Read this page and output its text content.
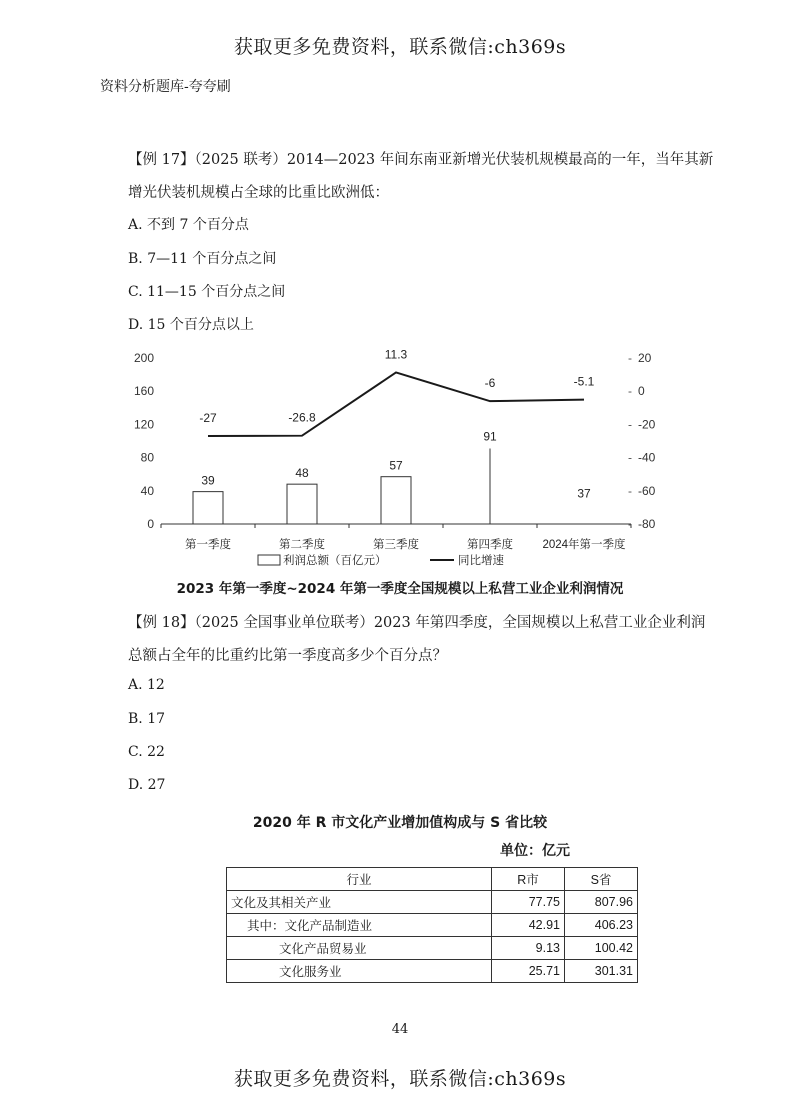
获取更多免费资料，联系微信:ch369s
资料分析题库-夸夸刷
【例 17】（2025 联考）2014—2023 年间东南亚新增光伏装机规模最高的一年，当年其新
增光伏装机规模占全球的比重比欧洲低：
A. 不到 7 个百分点
B. 7—11 个百分点之间
C. 11—15 个百分点之间
D. 15 个百分点以上
0
40
80
120
160
200
- -80
- -60
- -40
- -20
- 0
- 20
39
48
57
91
37
-27	-26.8
11.3
-6	-5.1
第一季度	第二季度	第三季度	第四季度	2024年第一季度
利润总额（百亿元）	同比增速
2023 年第一季度~2024 年第一季度全国规模以上私营工业企业利润情况
【例 18】（2025 全国事业单位联考）2023 年第四季度，全国规模以上私营工业企业利润
总额占全年的比重约比第一季度高多少个百分点？
A. 12
B. 17
C. 22
D. 27
2020 年 R 市文化产业增加值构成与 S 省比较
单位：亿元
行业	R市	S省
文化及其相关产业	77.75	807.96
其中：文化产品制造业	42.91	406.23
文化产品贸易业	9.13	100.42
文化服务业	25.71	301.31
44
获取更多免费资料，联系微信:ch369s
